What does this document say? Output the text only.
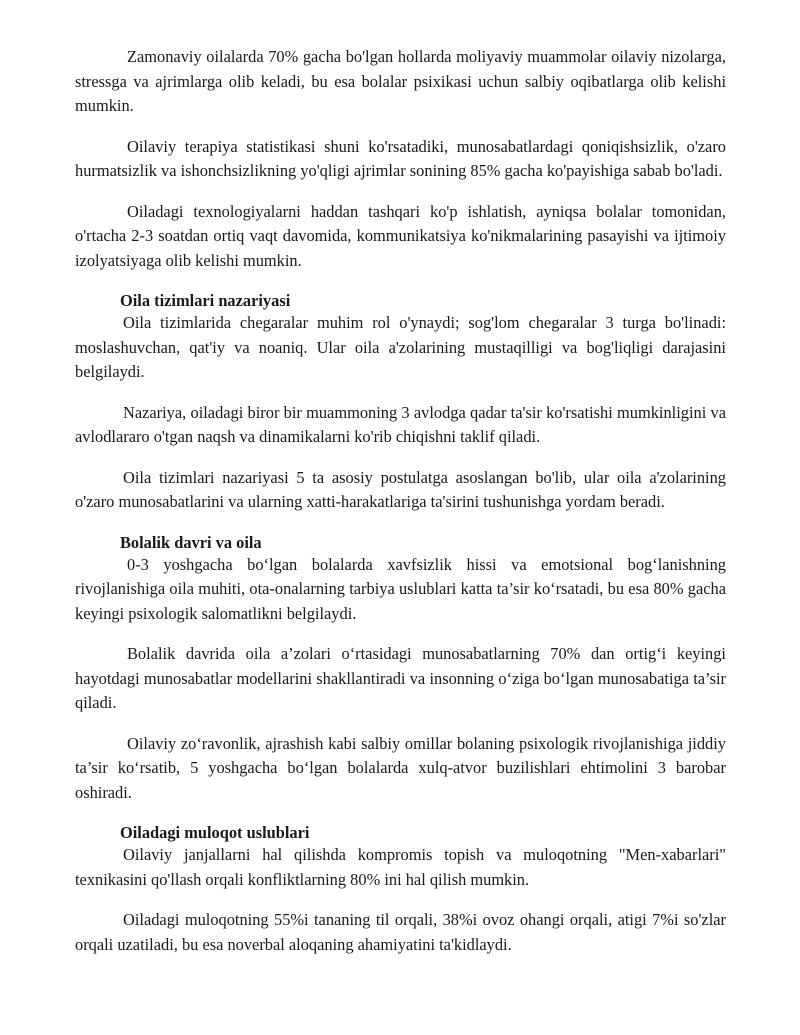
Zamonaviy oilalarda 70% gacha bo'lgan hollarda moliyaviy muammolar oilaviy nizolarga, stressga va ajrimlarga olib keladi, bu esa bolalar psixikasi uchun salbiy oqibatlarga olib kelishi mumkin.

Oilaviy terapiya statistikasi shuni ko'rsatadiki, munosabatlardagi qoniqishsizlik, o'zaro hurmatsizlik va ishonchsizlikning yo'qligi ajrimlar sonining 85% gacha ko'payishiga sabab bo'ladi.

Oiladagi texnologiyalarni haddan tashqari ko'p ishlatish, ayniqsa bolalar tomonidan, o'rtacha 2-3 soatdan ortiq vaqt davomida, kommunikatsiya ko'nikmalarining pasayishi va ijtimoiy izolyatsiyaga olib kelishi mumkin.

Oila tizimlari nazariyasi

Oila tizimlarida chegaralar muhim rol o'ynaydi; sog'lom chegaralar 3 turga bo'linadi: moslashuvchan, qat'iy va noaniq. Ular oila a'zolarining mustaqilligi va bog'liqligi darajasini belgilaydi.

Nazariya, oiladagi biror bir muammoning 3 avlodga qadar ta'sir ko'rsatishi mumkinligini va avlodlararo o'tgan naqsh va dinamikalarni ko'rib chiqishni taklif qiladi.

Oila tizimlari nazariyasi 5 ta asosiy postulatga asoslangan bo'lib, ular oila a'zolarining o'zaro munosabatlarini va ularning xatti-harakatlariga ta'sirini tushunishga yordam beradi.

Bolalik davri va oila

0-3 yoshgacha bo‘lgan bolalarda xavfsizlik hissi va emotsional bog‘lanishning rivojlanishiga oila muhiti, ota-onalarning tarbiya uslublari katta ta’sir ko‘rsatadi, bu esa 80% gacha keyingi psixologik salomatlikni belgilaydi.

Bolalik davrida oila a’zolari o‘rtasidagi munosabatlarning 70% dan ortig‘i keyingi hayotdagi munosabatlar modellarini shakllantiradi va insonning o‘ziga bo‘lgan munosabatiga ta’sir qiladi.

Oilaviy zo‘ravonlik, ajrashish kabi salbiy omillar bolaning psixologik rivojlanishiga jiddiy ta’sir ko‘rsatib, 5 yoshgacha bo‘lgan bolalarda xulq-atvor buzilishlari ehtimolini 3 barobar oshiradi.

Oiladagi muloqot uslublari

Oilaviy janjallarni hal qilishda kompromis topish va muloqotning "Men-xabarlari" texnikasini qo'llash orqali konfliktlarning 80% ini hal qilish mumkin.

Oiladagi muloqotning 55%i tananing til orqali, 38%i ovoz ohangi orqali, atigi 7%i so'zlar orqali uzatiladi, bu esa noverbal aloqaning ahamiyatini ta'kidlaydi.
